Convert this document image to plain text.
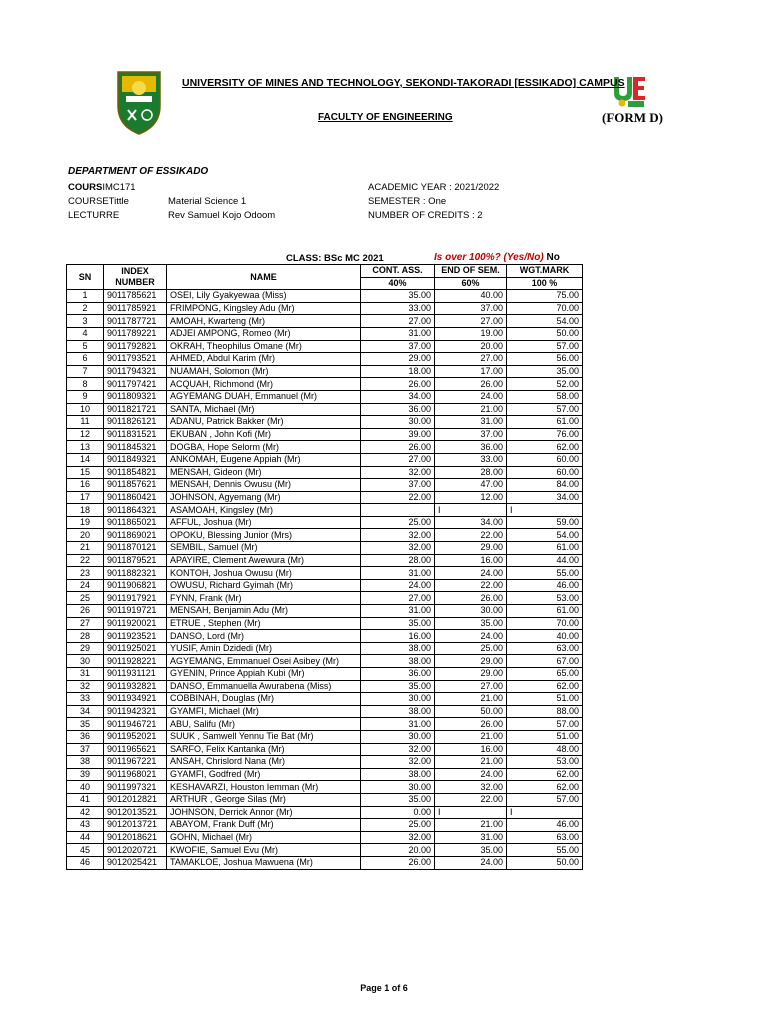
UNIVERSITY OF MINES AND TECHNOLOGY, SEKONDI-TAKORADI [ESSIKADO] CAMPUS
FACULTY OF ENGINEERING	(FORM D)
DEPARTMENT OF ESSIKADO
COURSIMC171
COURSETittle	Material Science 1
LECTURRE	Rev Samuel Kojo Odoom
ACADEMIC YEAR : 2021/2022
SEMESTER : One
NUMBER OF CREDITS : 2
CLASS: BSc MC 2021	Is over 100%? (Yes/No) No
SN	INDEX NUMBER	NAME	CONT. ASS.	END OF SEM.	WGT.MARK
			40%	60%	100 %
1	9011785621	OSEI, Lily Gyakyewaa (Miss)	35.00	40.00	75.00
2	9011785921	FRIMPONG, Kingsley Adu (Mr)	33.00	37.00	70.00
3	9011787721	AMOAH, Kwarteng (Mr)	27.00	27.00	54.00
4	9011789221	ADJEI AMPONG, Romeo (Mr)	31.00	19.00	50.00
5	9011792821	OKRAH, Theophilus Omane (Mr)	37.00	20.00	57.00
6	9011793521	AHMED, Abdul Karim (Mr)	29.00	27.00	56.00
7	9011794321	NUAMAH, Solomon (Mr)	18.00	17.00	35.00
8	9011797421	ACQUAH, Richmond (Mr)	26.00	26.00	52.00
9	9011809321	AGYEMANG DUAH, Emmanuel (Mr)	34.00	24.00	58.00
10	9011821721	SANTA, Michael (Mr)	36.00	21.00	57.00
11	9011826121	ADANU, Patrick Bakker (Mr)	30.00	31.00	61.00
12	9011831521	EKUBAN , John Kofi (Mr)	39.00	37.00	76.00
13	9011845321	DOGBA, Hope Selorm (Mr)	26.00	36.00	62.00
14	9011849321	ANKOMAH, Eugene Appiah (Mr)	27.00	33.00	60.00
15	9011854821	MENSAH, Gideon (Mr)	32.00	28.00	60.00
16	9011857621	MENSAH, Dennis Owusu (Mr)	37.00	47.00	84.00
17	9011860421	JOHNSON, Agyemang (Mr)	22.00	12.00	34.00
18	9011864321	ASAMOAH, Kingsley (Mr)		I	I
19	9011865021	AFFUL, Joshua (Mr)	25.00	34.00	59.00
20	9011869021	OPOKU, Blessing Junior (Mrs)	32.00	22.00	54.00
21	9011870121	SEMBIL, Samuel (Mr)	32.00	29.00	61.00
22	9011879521	APAYIRE, Clement Awewura (Mr)	28.00	16.00	44.00
23	9011882321	KONTOH, Joshua Owusu (Mr)	31.00	24.00	55.00
24	9011906821	OWUSU, Richard Gyimah (Mr)	24.00	22.00	46.00
25	9011917921	FYNN, Frank (Mr)	27.00	26.00	53.00
26	9011919721	MENSAH, Benjamin Adu (Mr)	31.00	30.00	61.00
27	9011920021	ETRUE , Stephen (Mr)	35.00	35.00	70.00
28	9011923521	DANSO, Lord (Mr)	16.00	24.00	40.00
29	9011925021	YUSIF, Amin Dzidedi (Mr)	38.00	25.00	63.00
30	9011928221	AGYEMANG, Emmanuel Osei Asibey (Mr)	38.00	29.00	67.00
31	9011931121	GYENIN, Prince Appiah Kubi (Mr)	36.00	29.00	65.00
32	9011932821	DANSO, Emmanuella Awurabena (Miss)	35.00	27.00	62.00
33	9011934921	COBBINAH, Douglas (Mr)	30.00	21.00	51.00
34	9011942321	GYAMFI, Michael (Mr)	38.00	50.00	88.00
35	9011946721	ABU, Salifu (Mr)	31.00	26.00	57.00
36	9011952021	SUUK , Samwell Yennu Tie Bat (Mr)	30.00	21.00	51.00
37	9011965621	SARFO, Felix Kantanka (Mr)	32.00	16.00	48.00
38	9011967221	ANSAH, Chrislord Nana (Mr)	32.00	21.00	53.00
39	9011968021	GYAMFI, Godfred (Mr)	38.00	24.00	62.00
40	9011997321	KESHAVARZI, Houston Iemman (Mr)	30.00	32.00	62.00
41	9012012821	ARTHUR , George Silas (Mr)	35.00	22.00	57.00
42	9012013521	JOHNSON, Derrick Annor (Mr)	0.00	I	I
43	9012013721	ABAYOM, Frank Duff (Mr)	25.00	21.00	46.00
44	9012018621	GOHN, Michael (Mr)	32.00	31.00	63.00
45	9012020721	KWOFIE, Samuel Evu (Mr)	20.00	35.00	55.00
46	9012025421	TAMAKLOE, Joshua Mawuena (Mr)	26.00	24.00	50.00
Page 1 of 6
